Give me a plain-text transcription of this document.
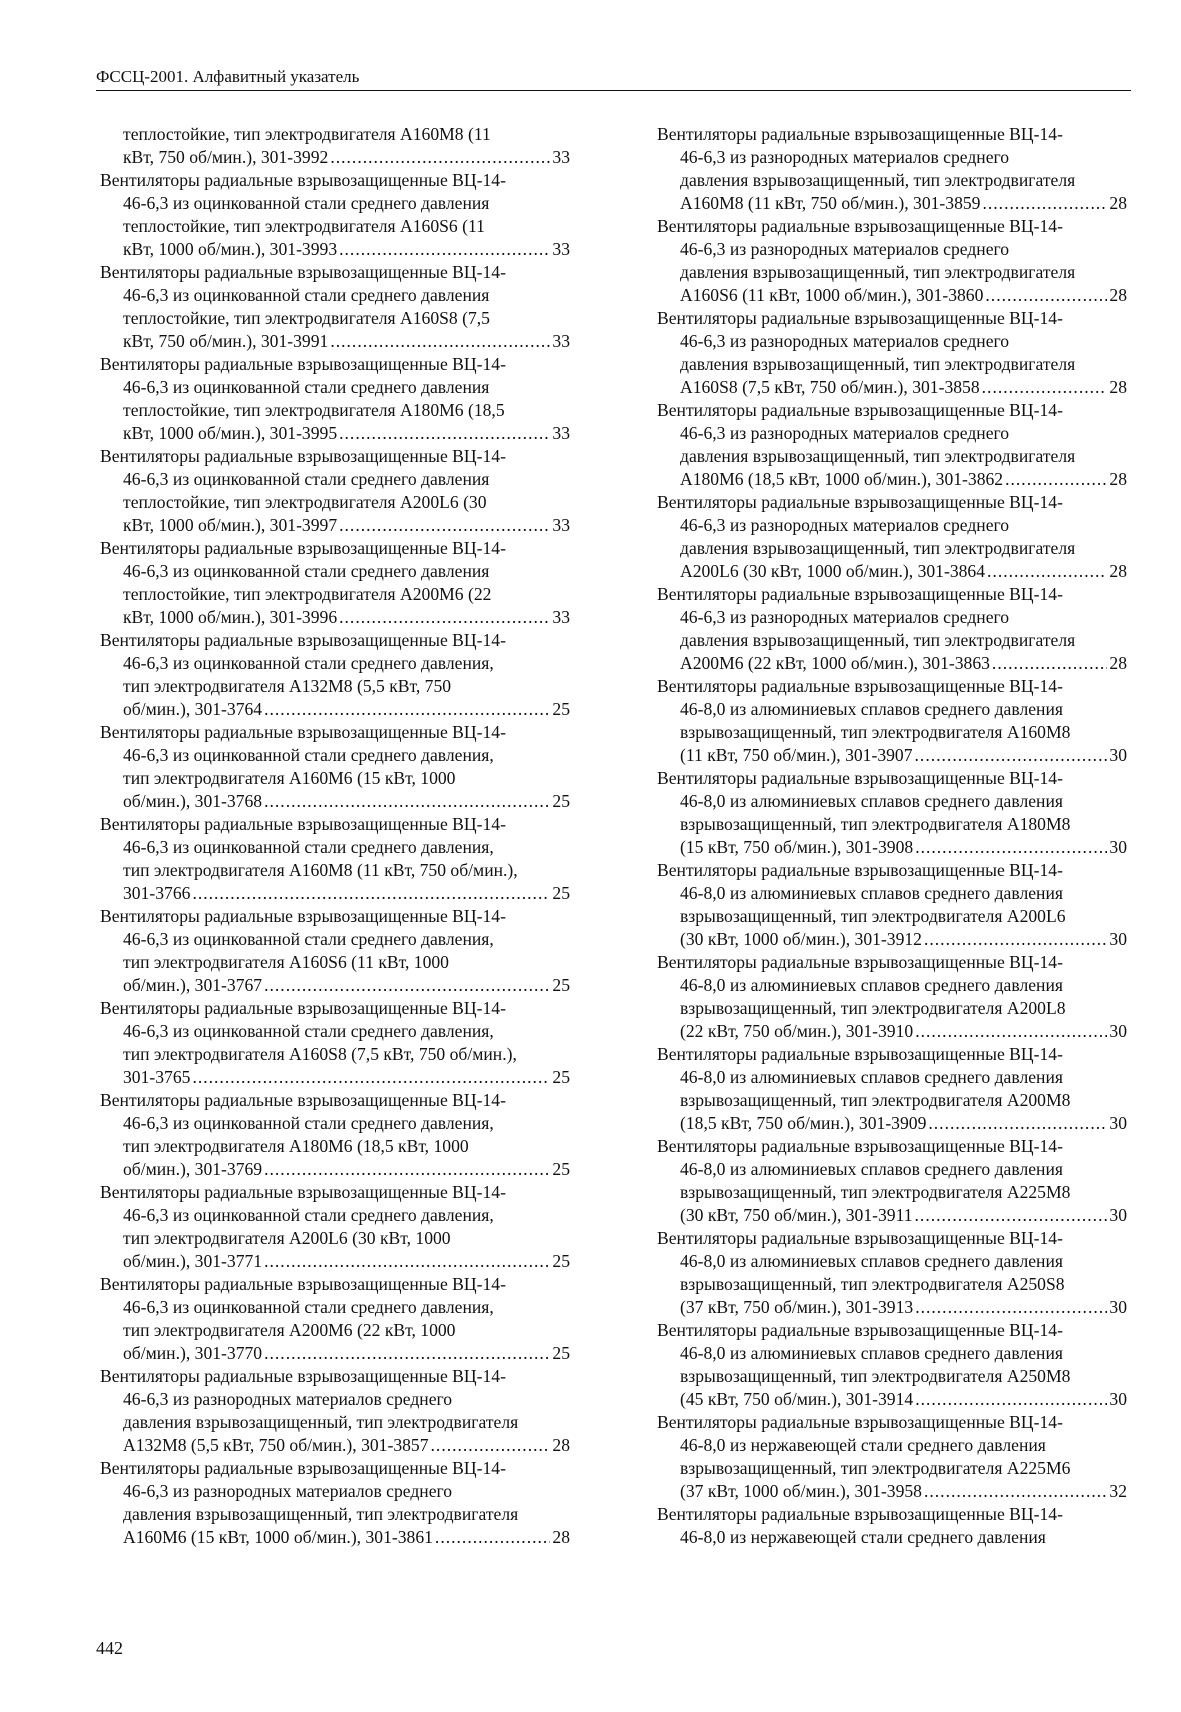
ФССЦ-2001. Алфавитный указатель
теплостойкие, тип электродвигателя А160М8 (11
кВт, 750 об/мин.), 301-3992 .....	33
Вентиляторы радиальные взрывозащищенные ВЦ-14-
46-6,3 из оцинкованной стали среднего давления
теплостойкие, тип электродвигателя А160S6 (11
кВт, 1000 об/мин.), 301-3993 .....	33
Вентиляторы радиальные взрывозащищенные ВЦ-14-
46-6,3 из оцинкованной стали среднего давления
теплостойкие, тип электродвигателя А160S8 (7,5
кВт, 750 об/мин.), 301-3991 .....	33
Вентиляторы радиальные взрывозащищенные ВЦ-14-
46-6,3 из оцинкованной стали среднего давления
теплостойкие, тип электродвигателя А180М6 (18,5
кВт, 1000 об/мин.), 301-3995 .....	33
Вентиляторы радиальные взрывозащищенные ВЦ-14-
46-6,3 из оцинкованной стали среднего давления
теплостойкие, тип электродвигателя А200L6 (30
кВт, 1000 об/мин.), 301-3997 .....	33
Вентиляторы радиальные взрывозащищенные ВЦ-14-
46-6,3 из оцинкованной стали среднего давления
теплостойкие, тип электродвигателя А200М6 (22
кВт, 1000 об/мин.), 301-3996 .....	33
Вентиляторы радиальные взрывозащищенные ВЦ-14-
46-6,3 из оцинкованной стали среднего давления,
тип электродвигателя А132М8 (5,5 кВт, 750
об/мин.), 301-3764 .....	25
Вентиляторы радиальные взрывозащищенные ВЦ-14-
46-6,3 из оцинкованной стали среднего давления,
тип электродвигателя А160М6 (15 кВт, 1000
об/мин.), 301-3768 .....	25
Вентиляторы радиальные взрывозащищенные ВЦ-14-
46-6,3 из оцинкованной стали среднего давления,
тип электродвигателя А160М8 (11 кВт, 750 об/мин.),
301-3766 .....	25
Вентиляторы радиальные взрывозащищенные ВЦ-14-
46-6,3 из оцинкованной стали среднего давления,
тип электродвигателя А160S6 (11 кВт, 1000
об/мин.), 301-3767 .....	25
Вентиляторы радиальные взрывозащищенные ВЦ-14-
46-6,3 из оцинкованной стали среднего давления,
тип электродвигателя А160S8 (7,5 кВт, 750 об/мин.),
301-3765 .....	25
Вентиляторы радиальные взрывозащищенные ВЦ-14-
46-6,3 из оцинкованной стали среднего давления,
тип электродвигателя А180М6 (18,5 кВт, 1000
об/мин.), 301-3769 .....	25
Вентиляторы радиальные взрывозащищенные ВЦ-14-
46-6,3 из оцинкованной стали среднего давления,
тип электродвигателя А200L6 (30 кВт, 1000
об/мин.), 301-3771 .....	25
Вентиляторы радиальные взрывозащищенные ВЦ-14-
46-6,3 из оцинкованной стали среднего давления,
тип электродвигателя А200М6 (22 кВт, 1000
об/мин.), 301-3770 .....	25
Вентиляторы радиальные взрывозащищенные ВЦ-14-
46-6,3 из разнородных материалов среднего
давления взрывозащищенный, тип электродвигателя
А132М8 (5,5 кВт, 750 об/мин.), 301-3857 .....	28
Вентиляторы радиальные взрывозащищенные ВЦ-14-
46-6,3 из разнородных материалов среднего
давления взрывозащищенный, тип электродвигателя
А160М6 (15 кВт, 1000 об/мин.), 301-3861 .....	28
Вентиляторы радиальные взрывозащищенные ВЦ-14-
46-6,3 из разнородных материалов среднего
давления взрывозащищенный, тип электродвигателя
А160М8 (11 кВт, 750 об/мин.), 301-3859 .....	28
Вентиляторы радиальные взрывозащищенные ВЦ-14-
46-6,3 из разнородных материалов среднего
давления взрывозащищенный, тип электродвигателя
А160S6 (11 кВт, 1000 об/мин.), 301-3860 .....	28
Вентиляторы радиальные взрывозащищенные ВЦ-14-
46-6,3 из разнородных материалов среднего
давления взрывозащищенный, тип электродвигателя
А160S8 (7,5 кВт, 750 об/мин.), 301-3858 .....	28
Вентиляторы радиальные взрывозащищенные ВЦ-14-
46-6,3 из разнородных материалов среднего
давления взрывозащищенный, тип электродвигателя
А180М6 (18,5 кВт, 1000 об/мин.), 301-3862 .....	28
Вентиляторы радиальные взрывозащищенные ВЦ-14-
46-6,3 из разнородных материалов среднего
давления взрывозащищенный, тип электродвигателя
А200L6 (30 кВт, 1000 об/мин.), 301-3864 .....	28
Вентиляторы радиальные взрывозащищенные ВЦ-14-
46-6,3 из разнородных материалов среднего
давления взрывозащищенный, тип электродвигателя
А200М6 (22 кВт, 1000 об/мин.), 301-3863 .....	28
Вентиляторы радиальные взрывозащищенные ВЦ-14-
46-8,0 из алюминиевых сплавов среднего давления
взрывозащищенный, тип электродвигателя А160М8
(11 кВт, 750 об/мин.), 301-3907 .....	30
Вентиляторы радиальные взрывозащищенные ВЦ-14-
46-8,0 из алюминиевых сплавов среднего давления
взрывозащищенный, тип электродвигателя А180М8
(15 кВт, 750 об/мин.), 301-3908 .....	30
Вентиляторы радиальные взрывозащищенные ВЦ-14-
46-8,0 из алюминиевых сплавов среднего давления
взрывозащищенный, тип электродвигателя А200L6
(30 кВт, 1000 об/мин.), 301-3912 .....	30
Вентиляторы радиальные взрывозащищенные ВЦ-14-
46-8,0 из алюминиевых сплавов среднего давления
взрывозащищенный, тип электродвигателя А200L8
(22 кВт, 750 об/мин.), 301-3910 .....	30
Вентиляторы радиальные взрывозащищенные ВЦ-14-
46-8,0 из алюминиевых сплавов среднего давления
взрывозащищенный, тип электродвигателя А200М8
(18,5 кВт, 750 об/мин.), 301-3909 .....	30
Вентиляторы радиальные взрывозащищенные ВЦ-14-
46-8,0 из алюминиевых сплавов среднего давления
взрывозащищенный, тип электродвигателя А225М8
(30 кВт, 750 об/мин.), 301-3911 .....	30
Вентиляторы радиальные взрывозащищенные ВЦ-14-
46-8,0 из алюминиевых сплавов среднего давления
взрывозащищенный, тип электродвигателя А250S8
(37 кВт, 750 об/мин.), 301-3913 .....	30
Вентиляторы радиальные взрывозащищенные ВЦ-14-
46-8,0 из алюминиевых сплавов среднего давления
взрывозащищенный, тип электродвигателя А250М8
(45 кВт, 750 об/мин.), 301-3914 .....	30
Вентиляторы радиальные взрывозащищенные ВЦ-14-
46-8,0 из нержавеющей стали среднего давления
взрывозащищенный, тип электродвигателя А225М6
(37 кВт, 1000 об/мин.), 301-3958 .....	32
Вентиляторы радиальные взрывозащищенные ВЦ-14-
46-8,0 из нержавеющей стали среднего давления
442
